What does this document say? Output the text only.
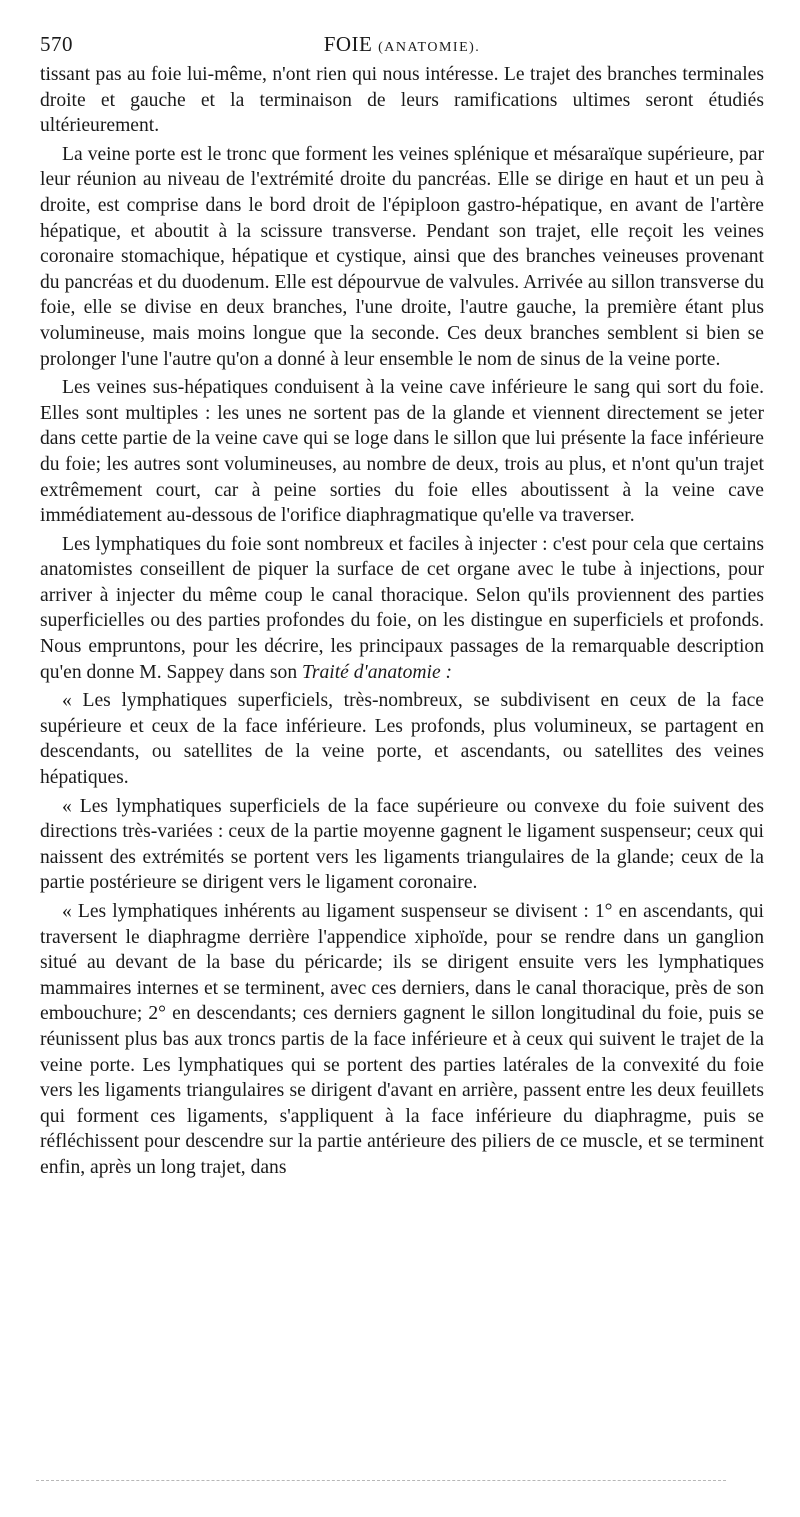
570	FOIE (ANATOMIE).

tissant pas au foie lui-même, n'ont rien qui nous intéresse. Le trajet des branches terminales droite et gauche et la terminaison de leurs ramifications ultimes seront étudiés ultérieurement.

La veine porte est le tronc que forment les veines splénique et mésaraïque supérieure, par leur réunion au niveau de l'extrémité droite du pancréas. Elle se dirige en haut et un peu à droite, est comprise dans le bord droit de l'épiploon gastro-hépatique, en avant de l'artère hépatique, et aboutit à la scissure transverse. Pendant son trajet, elle reçoit les veines coronaire stomachique, hépatique et cystique, ainsi que des branches veineuses provenant du pancréas et du duodenum. Elle est dépourvue de valvules. Arrivée au sillon transverse du foie, elle se divise en deux branches, l'une droite, l'autre gauche, la première étant plus volumineuse, mais moins longue que la seconde. Ces deux branches semblent si bien se prolonger l'une l'autre qu'on a donné à leur ensemble le nom de sinus de la veine porte.

Les veines sus-hépatiques conduisent à la veine cave inférieure le sang qui sort du foie. Elles sont multiples : les unes ne sortent pas de la glande et viennent directement se jeter dans cette partie de la veine cave qui se loge dans le sillon que lui présente la face inférieure du foie; les autres sont volumineuses, au nombre de deux, trois au plus, et n'ont qu'un trajet extrêmement court, car à peine sorties du foie elles aboutissent à la veine cave immédiatement au-dessous de l'orifice diaphragmatique qu'elle va traverser.

Les lymphatiques du foie sont nombreux et faciles à injecter : c'est pour cela que certains anatomistes conseillent de piquer la surface de cet organe avec le tube à injections, pour arriver à injecter du même coup le canal thoracique. Selon qu'ils proviennent des parties superficielles ou des parties profondes du foie, on les distingue en superficiels et profonds. Nous empruntons, pour les décrire, les principaux passages de la remarquable description qu'en donne M. Sappey dans son Traité d'anatomie :

« Les lymphatiques superficiels, très-nombreux, se subdivisent en ceux de la face supérieure et ceux de la face inférieure. Les profonds, plus volumineux, se partagent en descendants, ou satellites de la veine porte, et ascendants, ou satellites des veines hépatiques.

« Les lymphatiques superficiels de la face supérieure ou convexe du foie suivent des directions très-variées : ceux de la partie moyenne gagnent le ligament suspenseur; ceux qui naissent des extrémités se portent vers les ligaments triangulaires de la glande; ceux de la partie postérieure se dirigent vers le ligament coronaire.

« Les lymphatiques inhérents au ligament suspenseur se divisent : 1° en ascendants, qui traversent le diaphragme derrière l'appendice xiphoïde, pour se rendre dans un ganglion situé au devant de la base du péricarde; ils se dirigent ensuite vers les lymphatiques mammaires internes et se terminent, avec ces derniers, dans le canal thoracique, près de son embouchure; 2° en descendants; ces derniers gagnent le sillon longitudinal du foie, puis se réunissent plus bas aux troncs partis de la face inférieure et à ceux qui suivent le trajet de la veine porte. Les lymphatiques qui se portent des parties latérales de la convexité du foie vers les ligaments triangulaires se dirigent d'avant en arrière, passent entre les deux feuillets qui forment ces ligaments, s'appliquent à la face inférieure du diaphragme, puis se réfléchissent pour descendre sur la partie antérieure des piliers de ce muscle, et se terminent enfin, après un long trajet, dans
